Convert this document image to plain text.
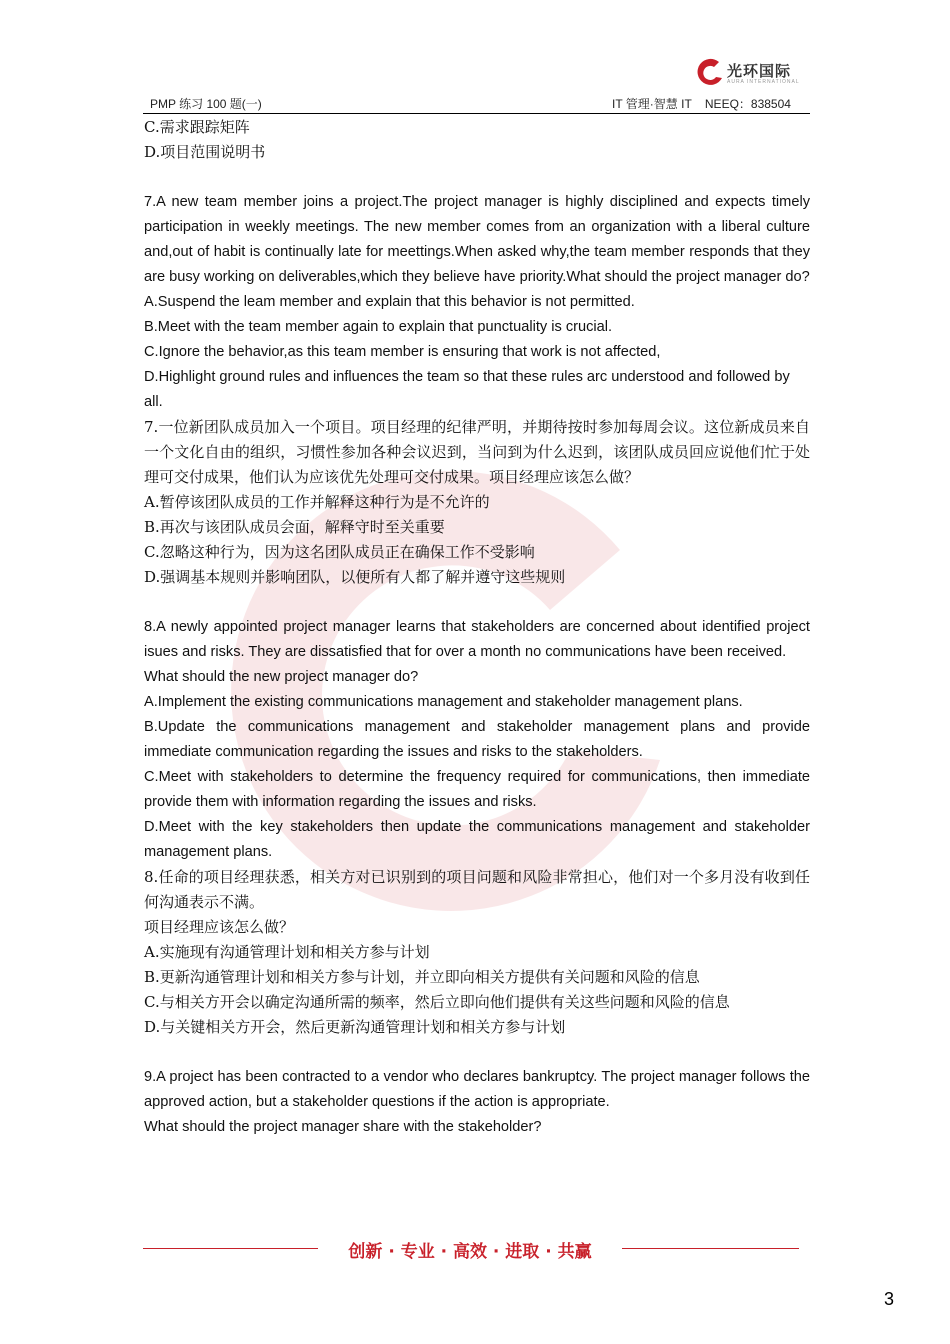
光环国际
AURA INTERNATIONAL
PMP 练习 100 题(一)	IT 管理·智慧 IT    NEEQ：838504

C.需求跟踪矩阵

D.项目范围说明书

7.A new team member joins a project.The project manager is highly disciplined and expects timely participation in weekly meetings. The new member comes from an organization with a liberal culture and,out of habit is continually late for meettings.When asked why,the team member responds that they are busy working on deliverables,which they believe have priority.What should the project manager do?

A.Suspend the leam member and explain that this behavior is not permitted.

B.Meet with the team member again to explain that punctuality is crucial.

C.Ignore the behavior,as this team member is ensuring that work is not affected,

D.Highlight ground rules and influences the team so that these rules arc understood and followed by all.

7.一位新团队成员加入一个项目。项目经理的纪律严明，并期待按时参加每周会议。这位新成员来自一个文化自由的组织，习惯性参加各种会议迟到，当问到为什么迟到，该团队成员回应说他们忙于处理可交付成果，他们认为应该优先处理可交付成果。项目经理应该怎么做？

A.暂停该团队成员的工作并解释这种行为是不允许的

B.再次与该团队成员会面，解释守时至关重要

C.忽略这种行为，因为这名团队成员正在确保工作不受影响

D.强调基本规则并影响团队，以便所有人都了解并遵守这些规则

8.A newly appointed project manager learns that stakeholders are concerned about identified project isues and risks. They are dissatisfied that for over a month no communications have been received.

What should the new project manager do?

A.Implement the existing communications management and stakeholder management plans.

B.Update the communications management and stakeholder management plans and provide immediate communication regarding the issues and risks to the stakeholders.

C.Meet with stakeholders to determine the frequency required for communications, then immediate provide them with information regarding the issues and risks.

D.Meet with the key stakeholders then update the communications management and stakeholder management plans.

8.任命的项目经理获悉，相关方对已识别到的项目问题和风险非常担心，他们对一个多月没有收到任何沟通表示不满。

项目经理应该怎么做？

A.实施现有沟通管理计划和相关方参与计划

B.更新沟通管理计划和相关方参与计划，并立即向相关方提供有关问题和风险的信息

C.与相关方开会以确定沟通所需的频率，然后立即向他们提供有关这些问题和风险的信息

D.与关键相关方开会，然后更新沟通管理计划和相关方参与计划

9.A project has been contracted to a vendor who declares bankruptcy. The project manager follows the approved action, but a stakeholder questions if the action is appropriate.

What should the project manager share with the stakeholder?

创新 · 专业 · 高效 · 进取 · 共赢
3
